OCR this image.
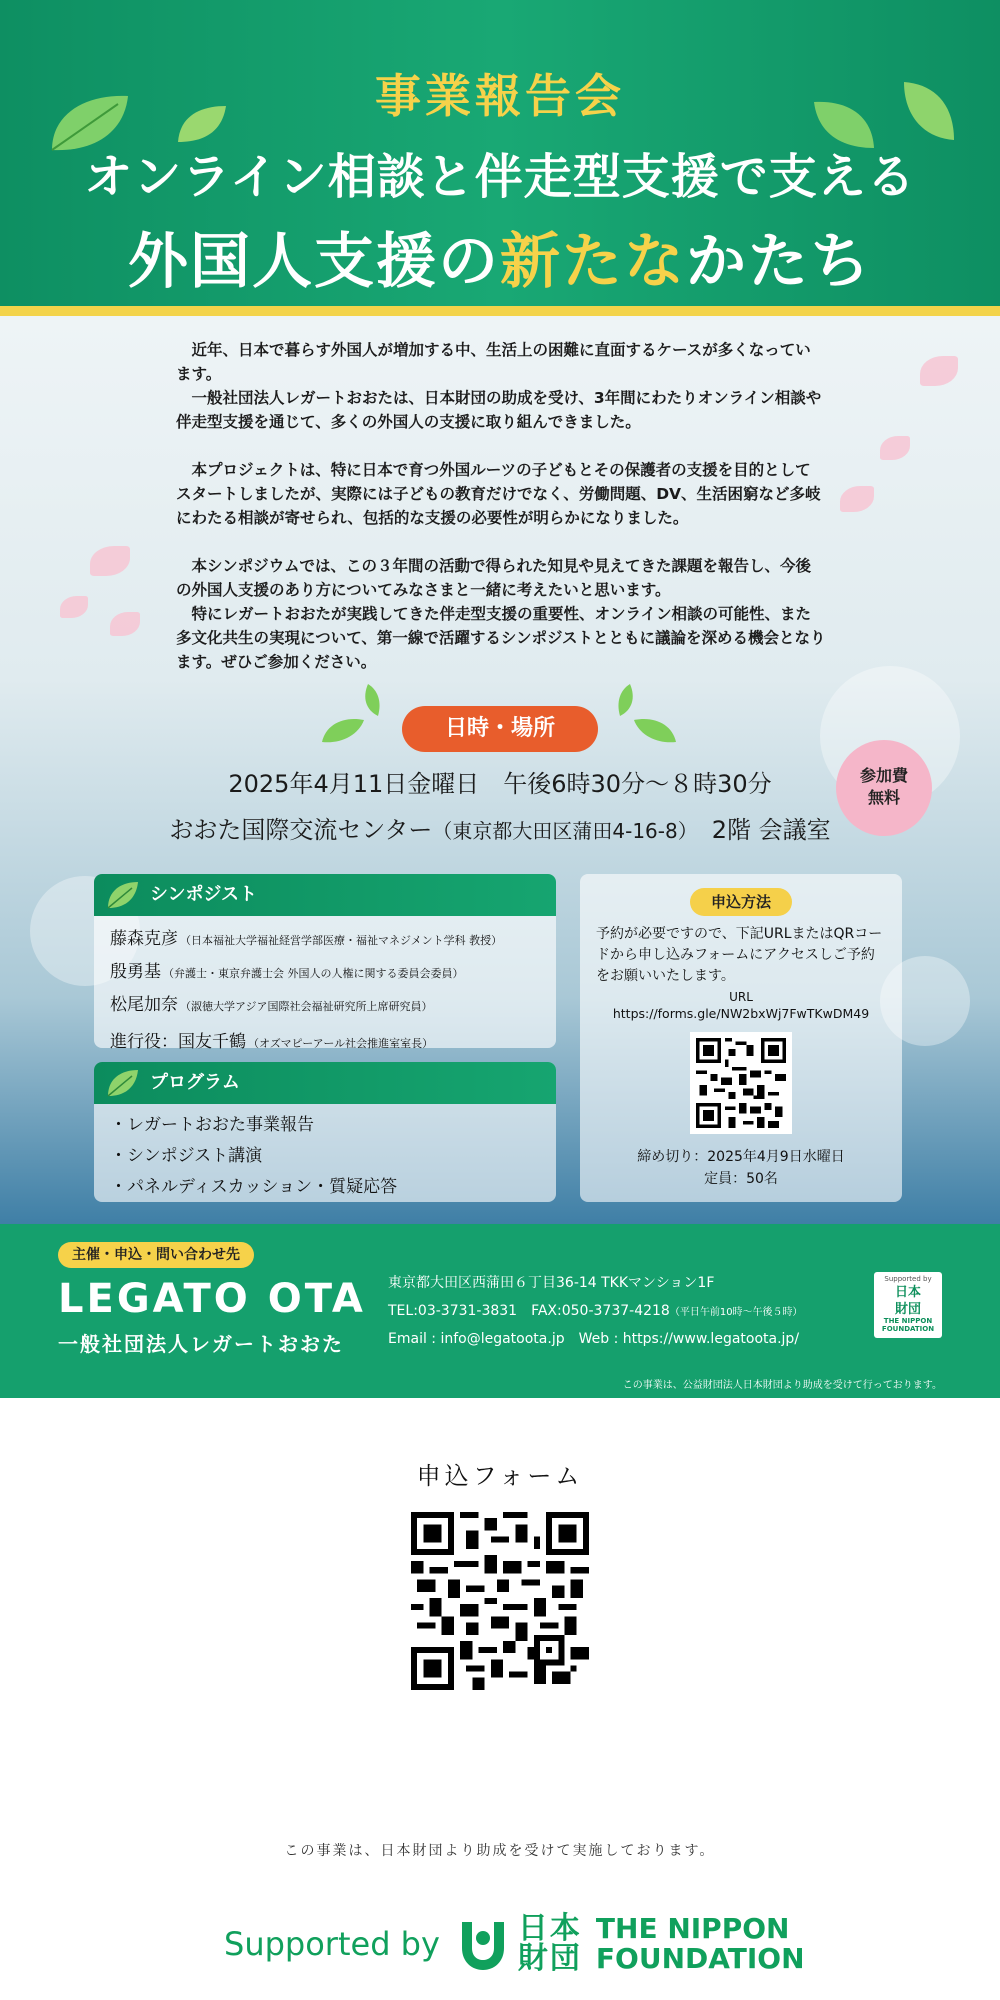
事業報告会
オンライン相談と伴走型支援で支える
外国人支援の新たなかたち

近年、日本で暮らす外国人が増加する中、生活上の困難に直面するケースが多くなっています。

一般社団法人レガートおおたは、日本財団の助成を受け、3年間にわたりオンライン相談や伴走型支援を通じて、多くの外国人の支援に取り組んできました。

本プロジェクトは、特に日本で育つ外国ルーツの子どもとその保護者の支援を目的としてスタートしましたが、実際には子どもの教育だけでなく、労働問題、DV、生活困窮など多岐にわたる相談が寄せられ、包括的な支援の必要性が明らかになりました。

本シンポジウムでは、この３年間の活動で得られた知見や見えてきた課題を報告し、今後の外国人支援のあり方についてみなさまと一緒に考えたいと思います。

特にレガートおおたが実践してきた伴走型支援の重要性、オンライン相談の可能性、また多文化共生の実現について、第一線で活躍するシンポジストとともに議論を深める機会となります。ぜひご参加ください。

日時・場所
2025年4月11日金曜日　午後6時30分～８時30分
おおた国際交流センター（東京都大田区蒲田4-16-8）　 2階 会議室
参加費
無料
シンポジスト
藤森克彦 （日本福祉大学福祉経営学部医療・福祉マネジメント学科 教授）
殷勇基 （弁護士・東京弁護士会 外国人の人権に関する委員会委員）
松尾加奈 （淑徳大学アジア国際社会福祉研究所上席研究員）
進行役：国友千鶴 （オズマピーアール社会推進室室長）
プログラム
・レガートおおた事業報告
・シンポジスト講演
・パネルディスカッション・質疑応答
申込方法
予約が必要ですので、下記URLまたはQRコードから申し込みフォームにアクセスしご予約をお願いいたします。
URL
https://forms.gle/NW2bxWj7FwTKwDM49
締め切り：2025年4月9日水曜日
定員：50名
主催・申込・問い合わせ先
LEGATO OTA
一般社団法人レガートおおた
東京都大田区西蒲田６丁目36-14 TKKマンション1F
TEL:03-3731-3831　FAX:050-3737-4218（平日午前10時～午後５時）
Email : info@legatoota.jp　Web : https://www.legatoota.jp/
Supported by
日本
財団
THE NIPPON
FOUNDATION
この事業は、公益財団法人日本財団より助成を受けて行っております。
申込フォーム
この事業は、日本財団より助成を受けて実施しております。
Supported by	日本
財団
THE NIPPON
FOUNDATION
